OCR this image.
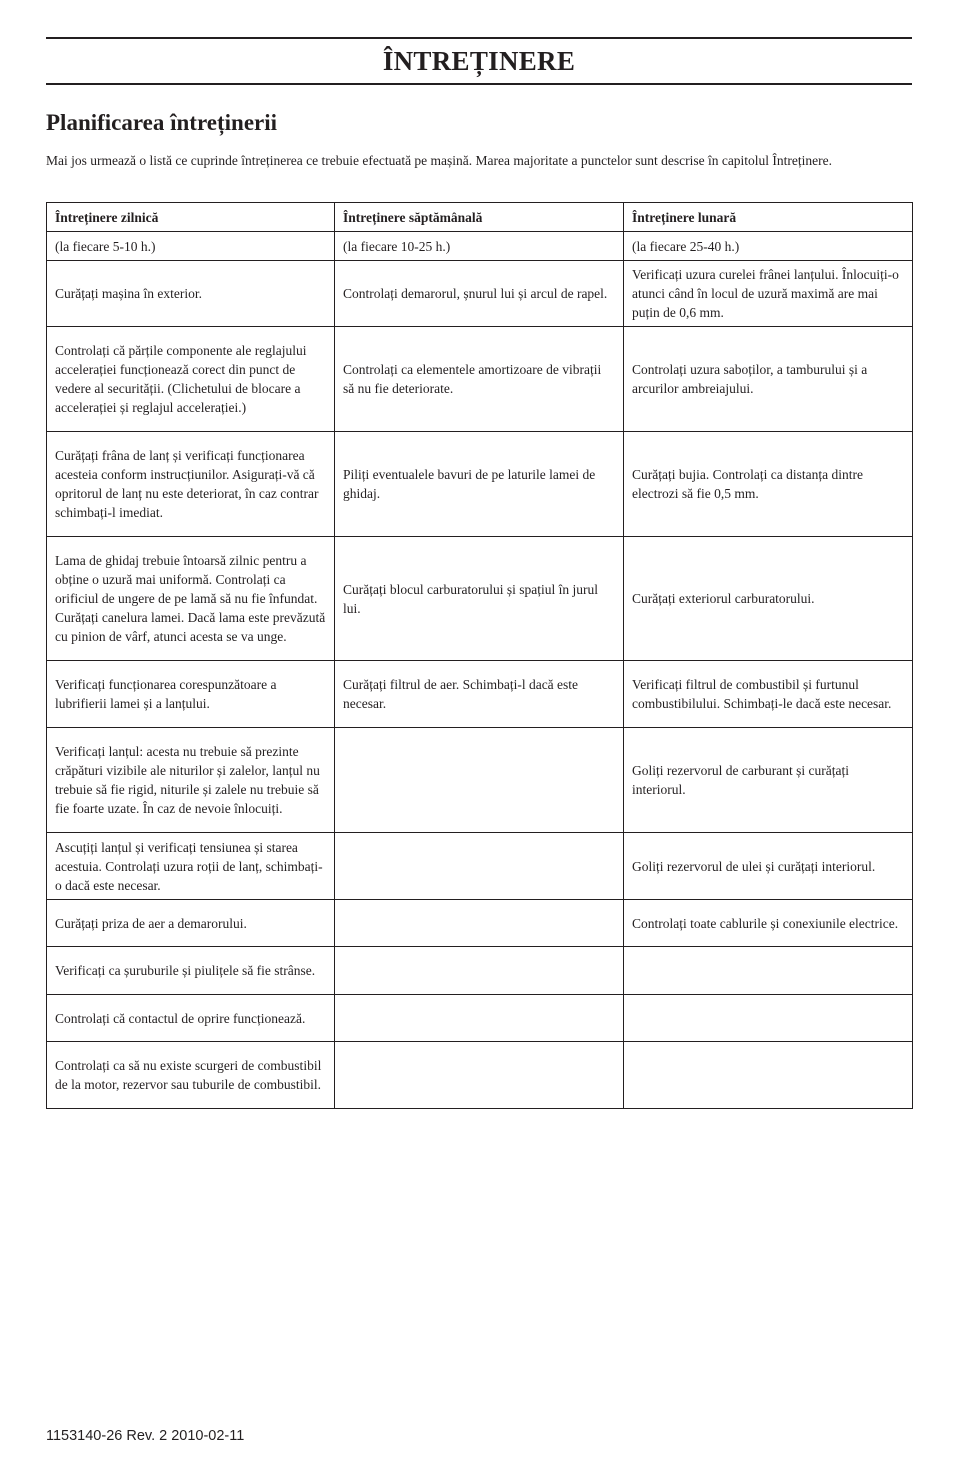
ÎNTREȚINERE
Planificarea întreținerii

Mai jos urmează o listă ce cuprinde întreținerea ce trebuie efectuată pe mașină. Marea majoritate a punctelor sunt descrise în capitolul Întreținere.

Întreținere zilnică	Întreținere săptămânală	Întreținere lunară
(la fiecare 5-10 h.)	(la fiecare 10-25 h.)	(la fiecare 25-40 h.)
Curățați mașina în exterior.	Controlați demarorul, șnurul lui și arcul de rapel.	Verificați uzura curelei frânei lanțului. Înlocuiți-o atunci când în locul de uzură maximă are mai puțin de 0,6 mm.
Controlați că părțile componente ale reglajului accelerației funcționează corect din punct de vedere al securității. (Clichetului de blocare a accelerației și reglajul accelerației.)	Controlați ca elementele amortizoare de vibrații să nu fie deteriorate.	Controlați uzura saboților, a tamburului și a arcurilor ambreiajului.
Curățați frâna de lanț și verificați funcționarea acesteia conform instrucțiunilor. Asigurați-vă că opritorul de lanț nu este deteriorat, în caz contrar schimbați-l imediat.	Piliți eventualele bavuri de pe laturile lamei de ghidaj.	Curățați bujia. Controlați ca distanța dintre electrozi să fie 0,5 mm.
Lama de ghidaj trebuie întoarsă zilnic pentru a obține o uzură mai uniformă. Controlați ca orificiul de ungere de pe lamă să nu fie înfundat. Curățați canelura lamei. Dacă lama este prevăzută cu pinion de vârf, atunci acesta se va unge.	Curățați blocul carburatorului și spațiul în jurul lui.	Curățați exteriorul carburatorului.
Verificați funcționarea corespunzătoare a lubrifierii lamei și a lanțului.	Curățați filtrul de aer. Schimbați-l dacă este necesar.	Verificați filtrul de combustibil și furtunul combustibilului. Schimbați-le dacă este necesar.
Verificați lanțul: acesta nu trebuie să prezinte crăpături vizibile ale niturilor și zalelor, lanțul nu trebuie să fie rigid, niturile și zalele nu trebuie să fie foarte uzate. În caz de nevoie înlocuiți.		Goliți rezervorul de carburant și curățați interiorul.
Ascuțiți lanțul și verificați tensiunea și starea acestuia. Controlați uzura roții de lanț, schimbați-o dacă este necesar.		Goliți rezervorul de ulei și curățați interiorul.
Curățați priza de aer a demarorului.		Controlați toate cablurile și conexiunile electrice.
Verificați ca șuruburile și piulițele să fie strânse.		
Controlați că contactul de oprire funcționează.		
Controlați ca să nu existe scurgeri de combustibil de la motor, rezervor sau tuburile de combustibil.		

1153140-26 Rev. 2 2010-02-11
